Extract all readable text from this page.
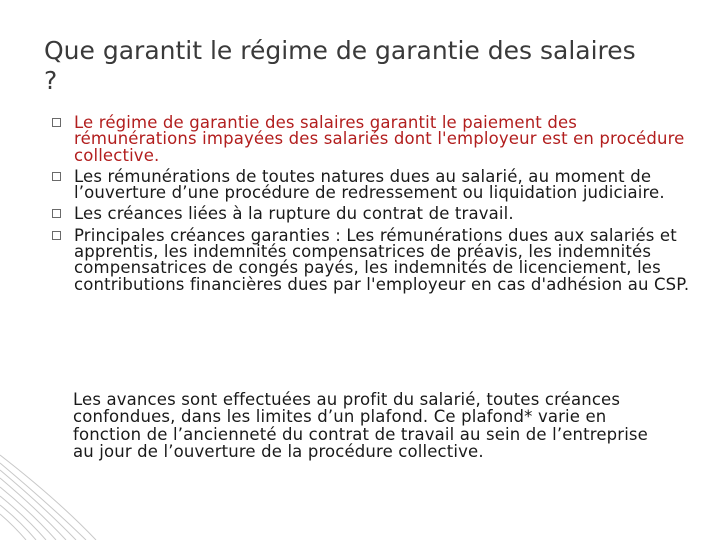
Que garantit le régime de garantie des salaires ?
Le régime de garantie des salaires garantit le paiement des rémunérations impayées des salariés dont l'employeur est en procédure collective.
Les rémunérations de toutes natures dues au salarié, au moment de l’ouverture d’une procédure de redressement ou liquidation judiciaire.
Les créances liées à la rupture du contrat de travail.
Principales créances garanties : Les rémunérations dues aux salariés et apprentis, les indemnités compensatrices de préavis, les indemnités compensatrices de congés payés, les indemnités de licenciement, les contributions financières dues par l'employeur en cas d'adhésion au CSP.
Les avances sont effectuées au profit du salarié, toutes créances confondues, dans les limites d’un plafond. Ce plafond* varie en fonction de l’ancienneté du contrat de travail au sein de l’entreprise au jour de l’ouverture de la procédure collective.
